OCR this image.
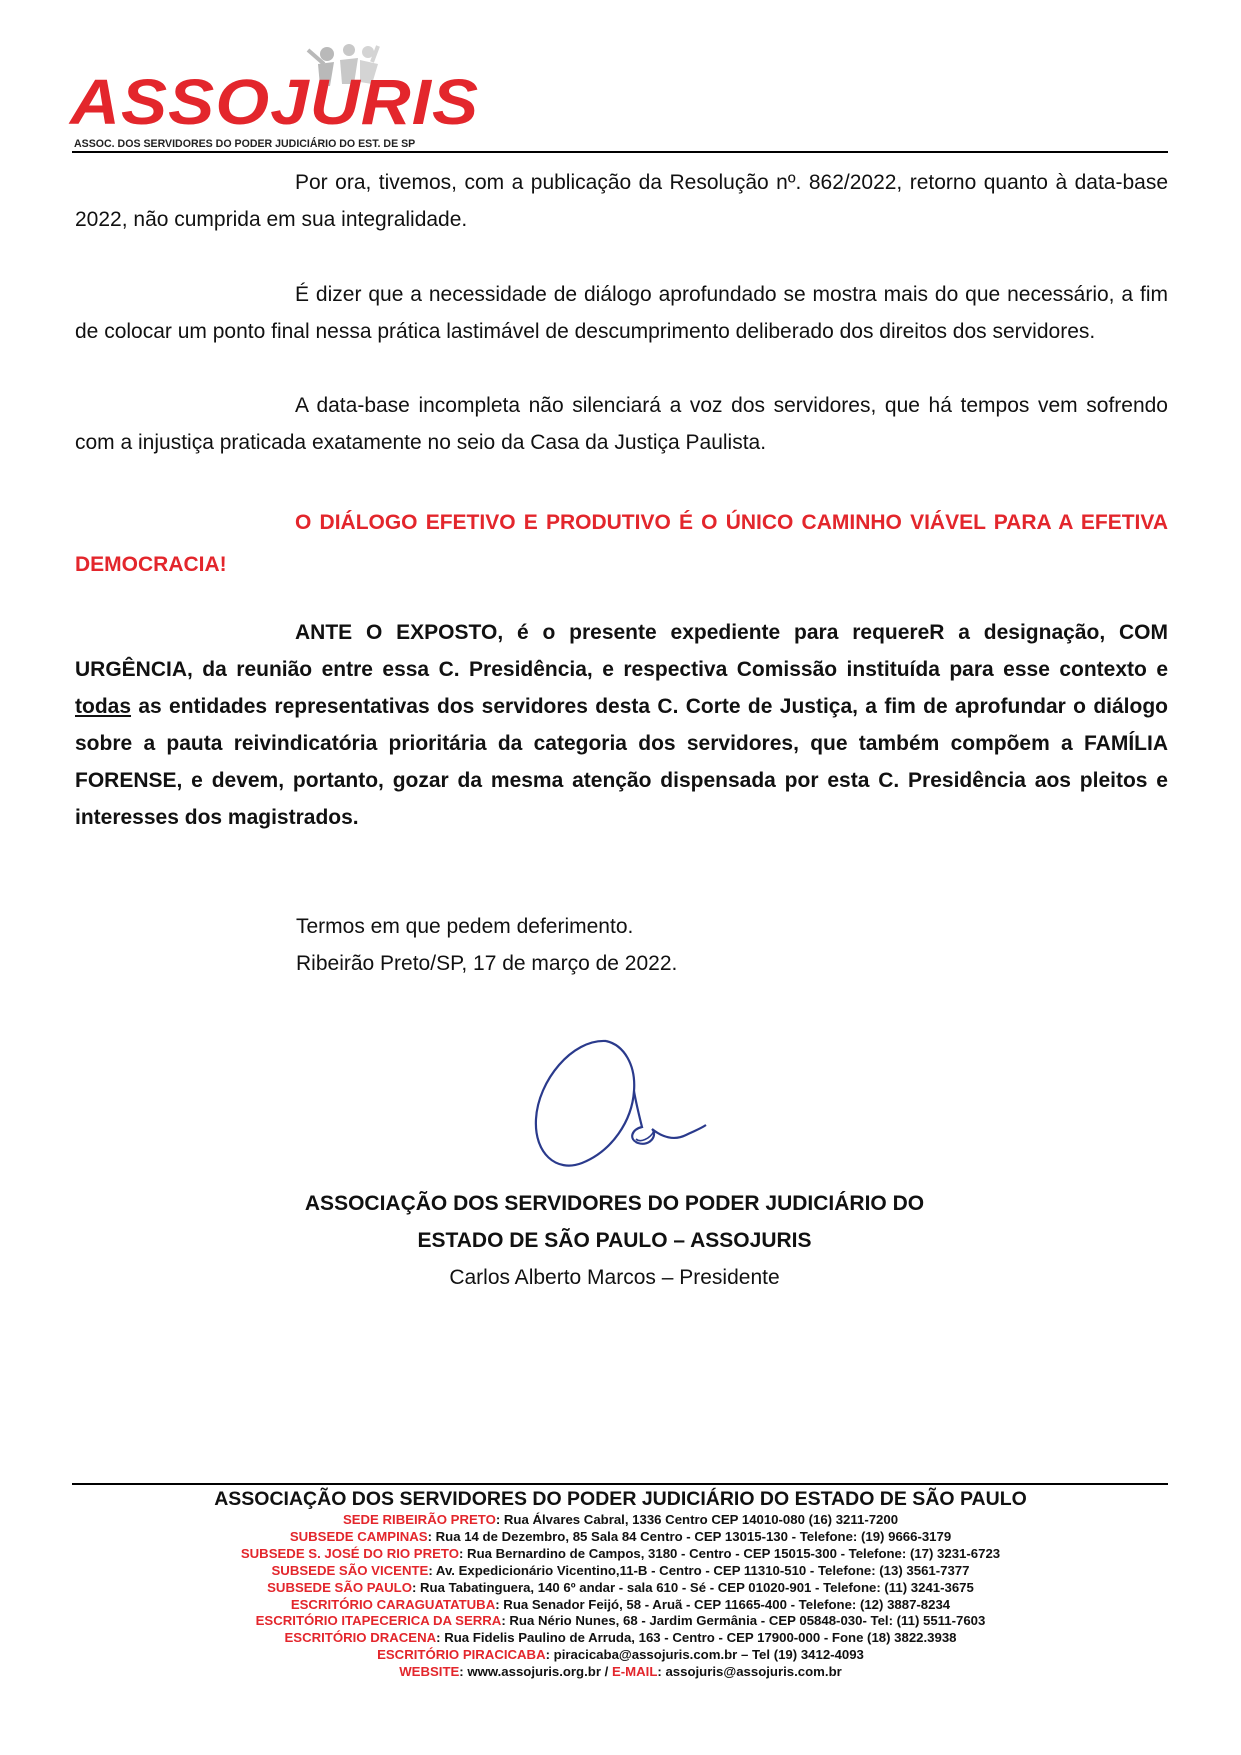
ASSOJURIS
ASSOC. DOS SERVIDORES DO PODER JUDICIÁRIO DO EST. DE SP

Por ora, tivemos, com a publicação da Resolução nº. 862/2022, retorno quanto à data-base 2022, não cumprida em sua integralidade.

É dizer que a necessidade de diálogo aprofundado se mostra mais do que necessário, a fim de colocar um ponto final nessa prática lastimável de descumprimento deliberado dos direitos dos servidores.

A data-base incompleta não silenciará a voz dos servidores, que há tempos vem sofrendo com a injustiça praticada exatamente no seio da Casa da Justiça Paulista.

O DIÁLOGO EFETIVO E PRODUTIVO É O ÚNICO CAMINHO VIÁVEL PARA A EFETIVA DEMOCRACIA!

ANTE O EXPOSTO, é o presente expediente para requereR a designação, COM URGÊNCIA, da reunião entre essa C. Presidência, e respectiva Comissão instituída para esse contexto e todas as entidades representativas dos servidores desta C. Corte de Justiça, a fim de aprofundar o diálogo sobre a pauta reivindicatória prioritária da categoria dos servidores, que também compõem a FAMÍLIA FORENSE, e devem, portanto, gozar da mesma atenção dispensada por esta C. Presidência aos pleitos e interesses dos magistrados.

Termos em que pedem deferimento.

Ribeirão Preto/SP, 17 de março de 2022.

ASSOCIAÇÃO DOS SERVIDORES DO PODER JUDICIÁRIO DO

ESTADO DE SÃO PAULO – ASSOJURIS

Carlos Alberto Marcos – Presidente

ASSOCIAÇÃO DOS SERVIDORES DO PODER JUDICIÁRIO DO ESTADO DE SÃO PAULO
SEDE RIBEIRÃO PRETO: Rua Álvares Cabral, 1336 Centro CEP 14010-080 (16) 3211-7200
SUBSEDE CAMPINAS: Rua 14 de Dezembro, 85 Sala 84 Centro - CEP 13015-130 - Telefone: (19) 9666-3179
SUBSEDE S. JOSÉ DO RIO PRETO: Rua Bernardino de Campos, 3180 - Centro - CEP 15015-300 - Telefone: (17) 3231-6723
SUBSEDE SÃO VICENTE: Av. Expedicionário Vicentino,11-B - Centro - CEP 11310-510 - Telefone: (13) 3561-7377
SUBSEDE SÃO PAULO: Rua Tabatinguera, 140 6º andar - sala 610 - Sé - CEP 01020-901 - Telefone: (11) 3241-3675
ESCRITÓRIO CARAGUATATUBA: Rua Senador Feijó, 58 - Aruã - CEP 11665-400 - Telefone: (12) 3887-8234
ESCRITÓRIO ITAPECERICA DA SERRA: Rua Nério Nunes, 68 - Jardim Germânia - CEP 05848-030- Tel: (11) 5511-7603
ESCRITÓRIO DRACENA: Rua Fidelis Paulino de Arruda, 163 - Centro - CEP 17900-000 - Fone (18) 3822.3938
ESCRITÓRIO PIRACICABA: piracicaba@assojuris.com.br – Tel (19) 3412-4093
WEBSITE: www.assojuris.org.br / E-MAIL: assojuris@assojuris.com.br
